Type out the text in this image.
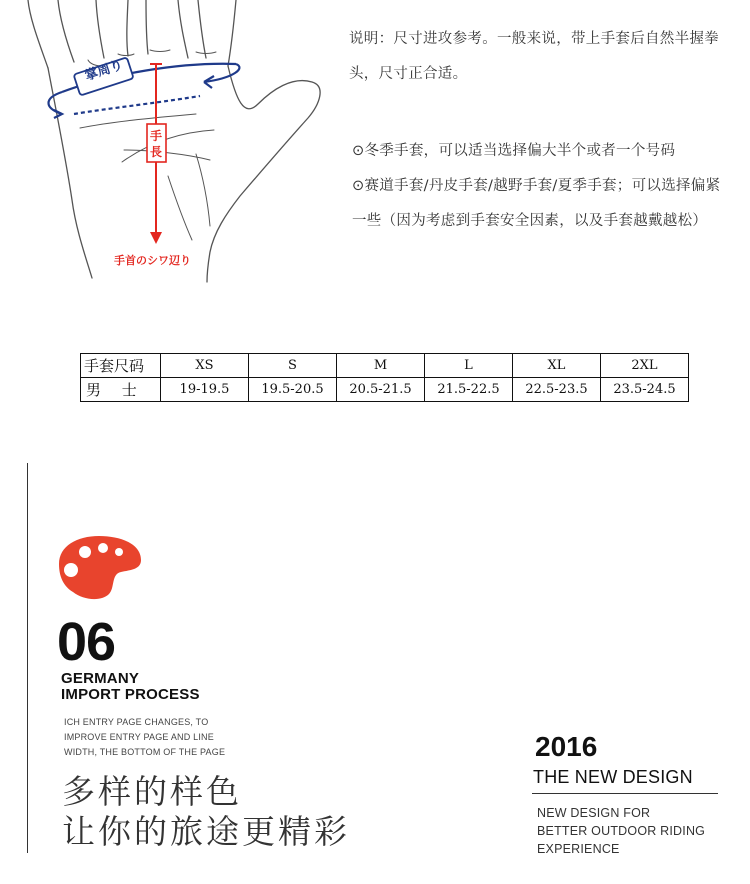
掌周り
手
長
手首のシワ辺り
说明：尺寸进攻参考。一般来说，带上手套后自然半握拳头，尺寸正合适。

⊙冬季手套，可以适当选择偏大半个或者一个号码

⊙赛道手套/丹皮手套/越野手套/夏季手套；可以选择偏紧一些（因为考虑到手套安全因素，以及手套越戴越松）

手套尺码	XS	S	M	L	XL	2XL
男 士	19-19.5	19.5-20.5	20.5-21.5	21.5-22.5	22.5-23.5	23.5-24.5
06
GERMANY
IMPORT PROCESS
ICH ENTRY PAGE CHANGES, TO
IMPROVE ENTRY PAGE AND LINE
WIDTH, THE BOTTOM OF THE PAGE
多样的样色
让你的旅途更精彩
2016
THE NEW DESIGN
NEW DESIGN FOR
BETTER OUTDOOR RIDING
EXPERIENCE
